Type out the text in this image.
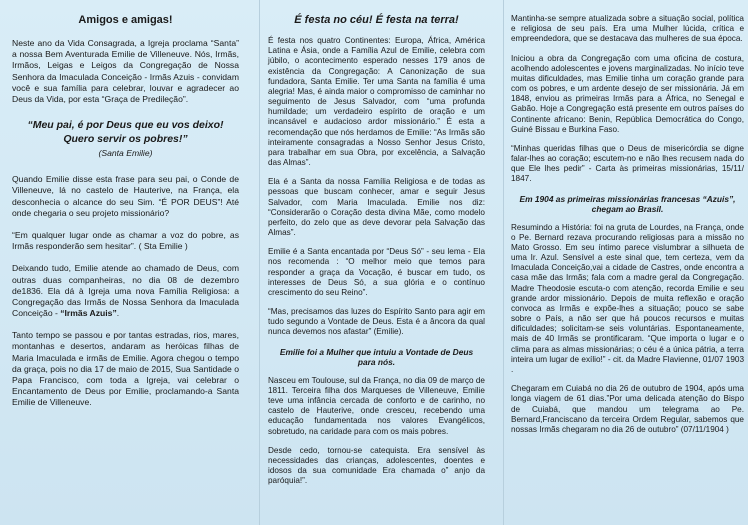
Amigos e amigas!

Neste ano da Vida Consagrada, a Igreja proclama “Santa” a nossa Bem Aventurada Emilie de Villeneuve. Nós, Irmãs, Irmãos, Leigas e Leigos da Congregação de Nossa Senhora da Imaculada Conceição - Irmãs Azuis - convidam você e sua família para celebrar, louvar e agradecer ao Deus da Vida, por esta “Graça de Predileção”.

“Meu pai, é por Deus que eu vos deixo! Quero servir os pobres!”
(Santa Emilie)

Quando Emilie disse esta frase para seu pai, o Conde de Villeneuve, lá no castelo de Hauterive, na França, ela desconhecia o alcance do seu Sim. “É POR DEUS”! Até onde chegaria o seu projeto missionário?

“Em qualquer lugar onde as chamar a voz do pobre, as Irmãs responderão sem hesitar”. ( Sta Emilie )

Deixando tudo, Emilie atende ao chamado de Deus, com outras duas companheiras, no dia 08 de dezembro de1836. Ela dá à Igreja uma nova Família Religiosa: a Congregação das Irmãs de Nossa Senhora da Imaculada Conceição - “Irmãs Azuis”.

Tanto tempo se passou e por tantas estradas, rios, mares, montanhas e desertos, andaram as heróicas filhas de Maria Imaculada e irmãs de Emilie. Agora chegou o tempo da graça, pois no dia 17 de maio de 2015, Sua Santidade o Papa Francisco, com toda a Igreja, vai celebrar o Encantamento de Deus por Emilie, proclamando-a Santa Emilie de Villeneuve.

É festa no céu! É festa na terra!

É festa nos quatro Continentes: Europa, África, América Latina e Ásia, onde a Família Azul de Emilie, celebra com júbilo, o acontecimento esperado nesses 179 anos de existência da Congregação: A Canonização de sua fundadora, Santa Emilie. Ter uma Santa na família é uma alegria! Mas, é ainda maior o compromisso de caminhar no seguimento de Jesus Salvador, com “uma profunda humildade; um verdadeiro espírito de oração e um incansável e audacioso ardor missionário.” É esta a recomendação que nós herdamos de Emilie: “As Irmãs são inteiramente consagradas a Nosso Senhor Jesus Cristo, para trabalhar em sua Obra, por excelência, a Salvação das Almas”.

Ela é a Santa da nossa Família Religiosa e de todas as pessoas que buscam conhecer, amar e seguir Jesus Salvador, com Maria Imaculada. Emilie nos diz: “Considerarão o Coração desta divina Mãe, como modelo perfeito, do zelo que as deve devorar pela Salvação das Almas”.

Emilie é a Santa encantada por “Deus Só” - seu lema - Ela nos recomenda : “O melhor meio que temos para responder a graça da Vocação, é buscar em tudo, os interesses de Deus Só, a sua glória e o contínuo crescimento do seu Reino”.

“Mas, precisamos das luzes do Espírito Santo para agir em tudo segundo a Vontade de Deus. Esta é a âncora da qual nunca devemos nos afastar” (Emilie).

Emilie foi a Mulher que intuiu a Vontade de Deus para nós.

Nasceu em Toulouse, sul da França, no dia 09 de março de 1811. Terceira filha dos Marqueses de Villeneuve, Emilie teve uma infância cercada de conforto e de carinho, no castelo de Hauterive, onde cresceu, recebendo uma educação fundamentada nos valores Evangélicos, sobretudo, na caridade para com os mais pobres.

Desde cedo, tornou-se catequista. Era sensível às necessidades das crianças, adolescentes, doentes e idosos da sua comunidade Era chamada o” anjo da paróquia!”.

Mantinha-se sempre atualizada sobre a situação social, política e religiosa de seu país. Era uma Mulher lúcida, crítica e empreendedora, que se destacava das mulheres de sua época.

Iniciou a obra da Congregação com uma oficina de costura, acolhendo adolescentes e jovens marginalizadas. No início teve muitas dificuldades, mas Emilie tinha um coração grande para com os pobres, e um ardente desejo de ser missionária. Já em 1848, enviou as primeiras Irmãs para a África, no Senegal e Gabão. Hoje a Congregação está presente em outros países do Continente africano: Benin, República Democrática do Congo, Guiné Bissau e Burkina Faso.

“Minhas queridas filhas que o Deus de misericórdia se digne falar-lhes ao coração; escutem-no e não lhes recusem nada do que Ele lhes pedir” - Carta às primeiras missionárias, 15/11/ 1847.

Em 1904 as primeiras missionárias francesas “Azuis”, chegam ao Brasil.

Resumindo a História: foi na gruta de Lourdes, na França, onde o Pe. Bernard rezava procurando religiosas para a missão no Mato Grosso. Em seu íntimo parece vislumbrar a silhueta de uma Ir. Azul. Sensível a este sinal que, tem certeza, vem da Imaculada Conceição,vai a cidade de Castres, onde encontra a casa mãe das Irmãs; fala com a madre geral da Congregação. Madre Theodosie escuta-o com atenção, recorda Emilie e seu grande ardor missionário. Depois de muita reflexão e oração convoca as Irmãs e expõe-lhes a situação; pouco se sabe sobre o País, a não ser que há poucos recursos e muitas dificuldades; solicitam-se seis voluntárias. Espontaneamente, mais de 40 Irmãs se prontificaram. “Que importa o lugar e o clima para as almas missionárias; o céu é a única pátria, a terra inteira um lugar de exílio!” - cit. da Madre Flavienne, 01/07 1903 .

Chegaram em Cuiabá no dia 26 de outubro de 1904, após uma longa viagem de 61 dias.”Por uma delicada atenção do Bispo de Cuiabá, que mandou um telegrama ao Pe. Bernard,Franciscano da terceira Ordem Regular, sabemos que nossas Irmãs chegaram no dia 26 de outubro” (07/11/1904 )
